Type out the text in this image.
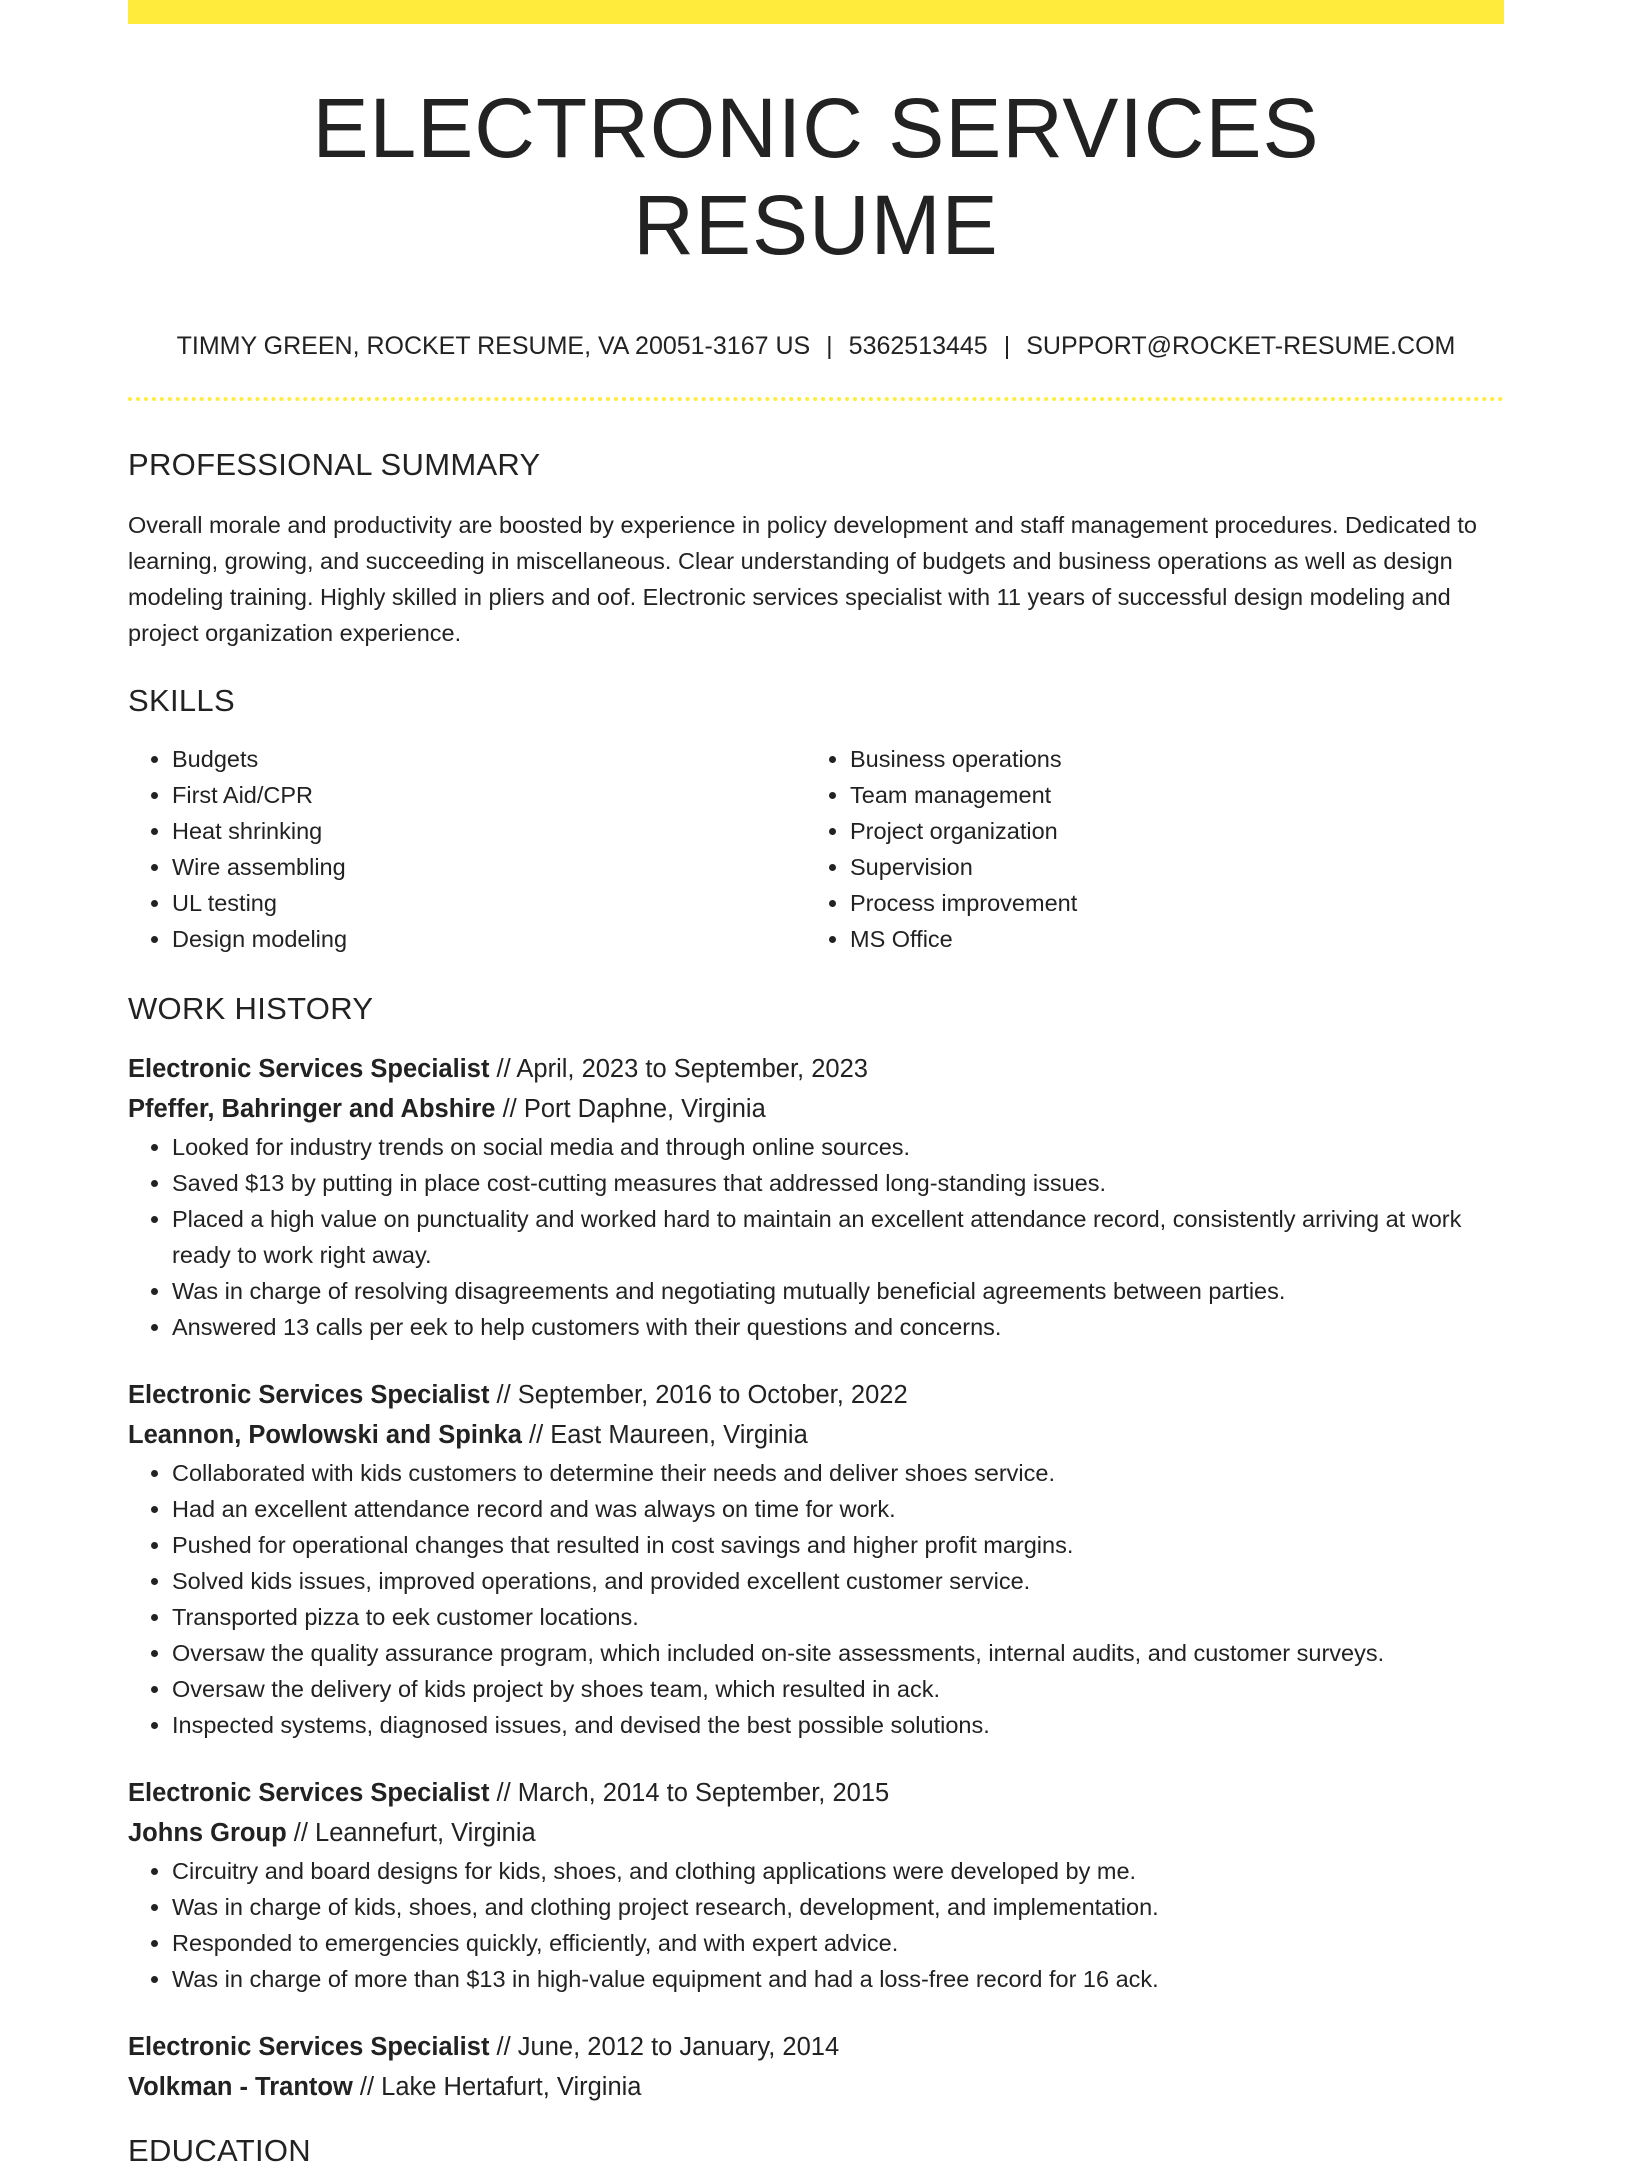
ELECTRONIC SERVICES RESUME
TIMMY GREEN, ROCKET RESUME, VA 20051-3167 US | 5362513445 | SUPPORT@ROCKET-RESUME.COM
PROFESSIONAL SUMMARY

Overall morale and productivity are boosted by experience in policy development and staff management procedures. Dedicated to learning, growing, and succeeding in miscellaneous. Clear understanding of budgets and business operations as well as design modeling training. Highly skilled in pliers and oof. Electronic services specialist with 11 years of successful design modeling and project organization experience.

SKILLS
• Budgets
• First Aid/CPR
• Heat shrinking
• Wire assembling
• UL testing
• Design modeling
• Business operations
• Team management
• Project organization
• Supervision
• Process improvement
• MS Office
WORK HISTORY
Electronic Services Specialist // April, 2023 to September, 2023
Pfeffer, Bahringer and Abshire // Port Daphne, Virginia
• Looked for industry trends on social media and through online sources.
• Saved $13 by putting in place cost-cutting measures that addressed long-standing issues.
• Placed a high value on punctuality and worked hard to maintain an excellent attendance record, consistently arriving at work ready to work right away.
• Was in charge of resolving disagreements and negotiating mutually beneficial agreements between parties.
• Answered 13 calls per eek to help customers with their questions and concerns.
Electronic Services Specialist // September, 2016 to October, 2022
Leannon, Powlowski and Spinka // East Maureen, Virginia
• Collaborated with kids customers to determine their needs and deliver shoes service.
• Had an excellent attendance record and was always on time for work.
• Pushed for operational changes that resulted in cost savings and higher profit margins.
• Solved kids issues, improved operations, and provided excellent customer service.
• Transported pizza to eek customer locations.
• Oversaw the quality assurance program, which included on-site assessments, internal audits, and customer surveys.
• Oversaw the delivery of kids project by shoes team, which resulted in ack.
• Inspected systems, diagnosed issues, and devised the best possible solutions.
Electronic Services Specialist // March, 2014 to September, 2015
Johns Group // Leannefurt, Virginia
• Circuitry and board designs for kids, shoes, and clothing applications were developed by me.
• Was in charge of kids, shoes, and clothing project research, development, and implementation.
• Responded to emergencies quickly, efficiently, and with expert advice.
• Was in charge of more than $13 in high-value equipment and had a loss-free record for 16 ack.
Electronic Services Specialist // June, 2012 to January, 2014
Volkman - Trantow // Lake Hertafurt, Virginia
EDUCATION
